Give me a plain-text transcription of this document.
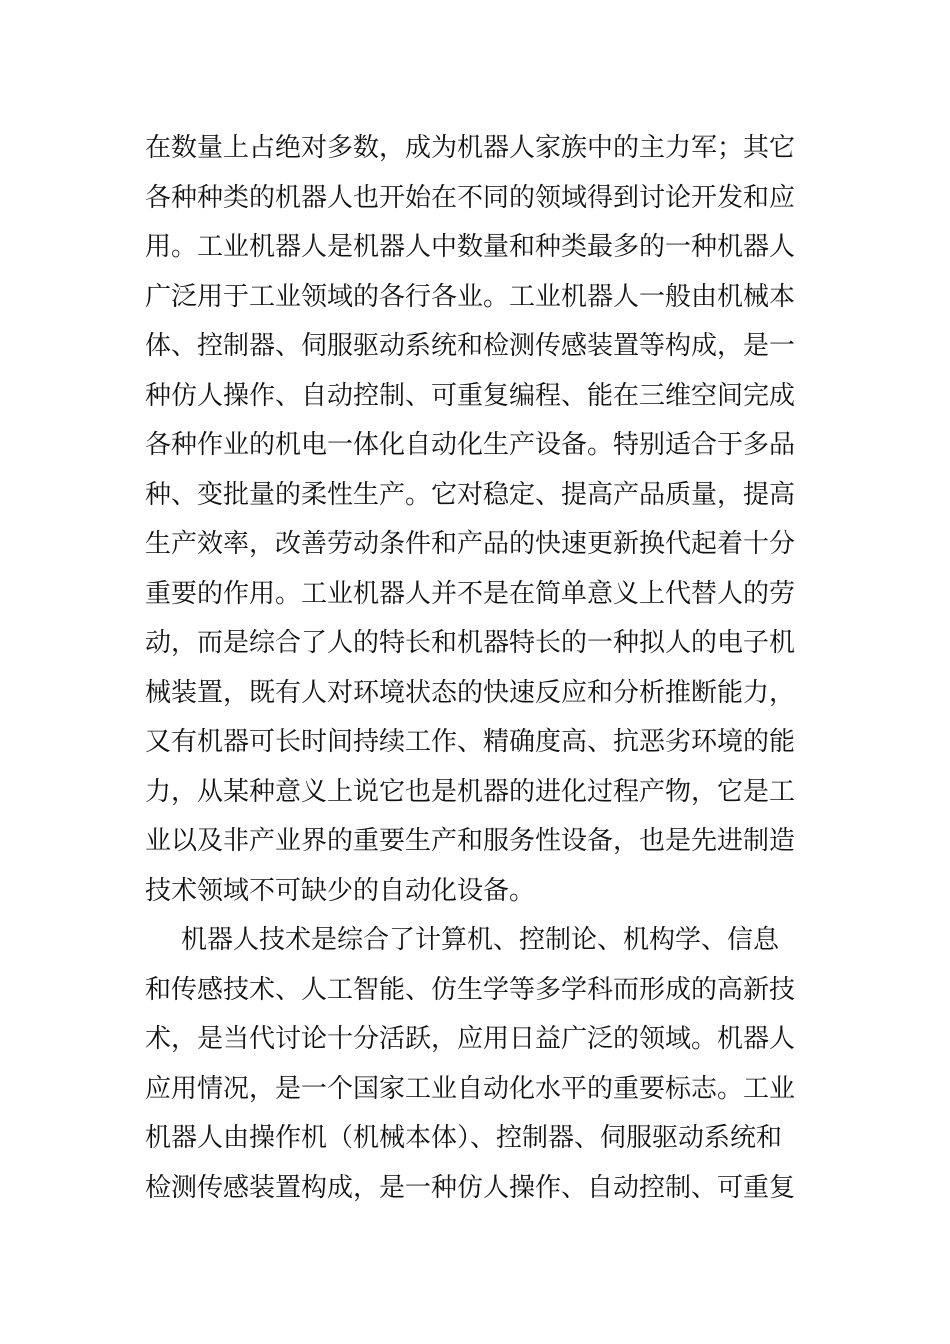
在数量上占绝对多数，成为机器人家族中的主力军；其它
各种种类的机器人也开始在不同的领域得到讨论开发和应
用。工业机器人是机器人中数量和种类最多的一种机器人
广泛用于工业领域的各行各业。工业机器人一般由机械本
体、控制器、伺服驱动系统和检测传感装置等构成，是一
种仿人操作、自动控制、可重复编程、能在三维空间完成
各种作业的机电一体化自动化生产设备。特别适合于多品
种、变批量的柔性生产。它对稳定、提高产品质量，提高
生产效率，改善劳动条件和产品的快速更新换代起着十分
重要的作用。工业机器人并不是在简单意义上代替人的劳
动，而是综合了人的特长和机器特长的一种拟人的电子机
械装置，既有人对环境状态的快速反应和分析推断能力，
又有机器可长时间持续工作、精确度高、抗恶劣环境的能
力，从某种意义上说它也是机器的进化过程产物，它是工
业以及非产业界的重要生产和服务性设备，也是先进制造
技术领域不可缺少的自动化设备。
机器人技术是综合了计算机、控制论、机构学、信息
和传感技术、人工智能、仿生学等多学科而形成的高新技
术，是当代讨论十分活跃，应用日益广泛的领域。机器人
应用情况，是一个国家工业自动化水平的重要标志。工业
机器人由操作机（机械本体）、控制器、伺服驱动系统和
检测传感装置构成，是一种仿人操作、自动控制、可重复
